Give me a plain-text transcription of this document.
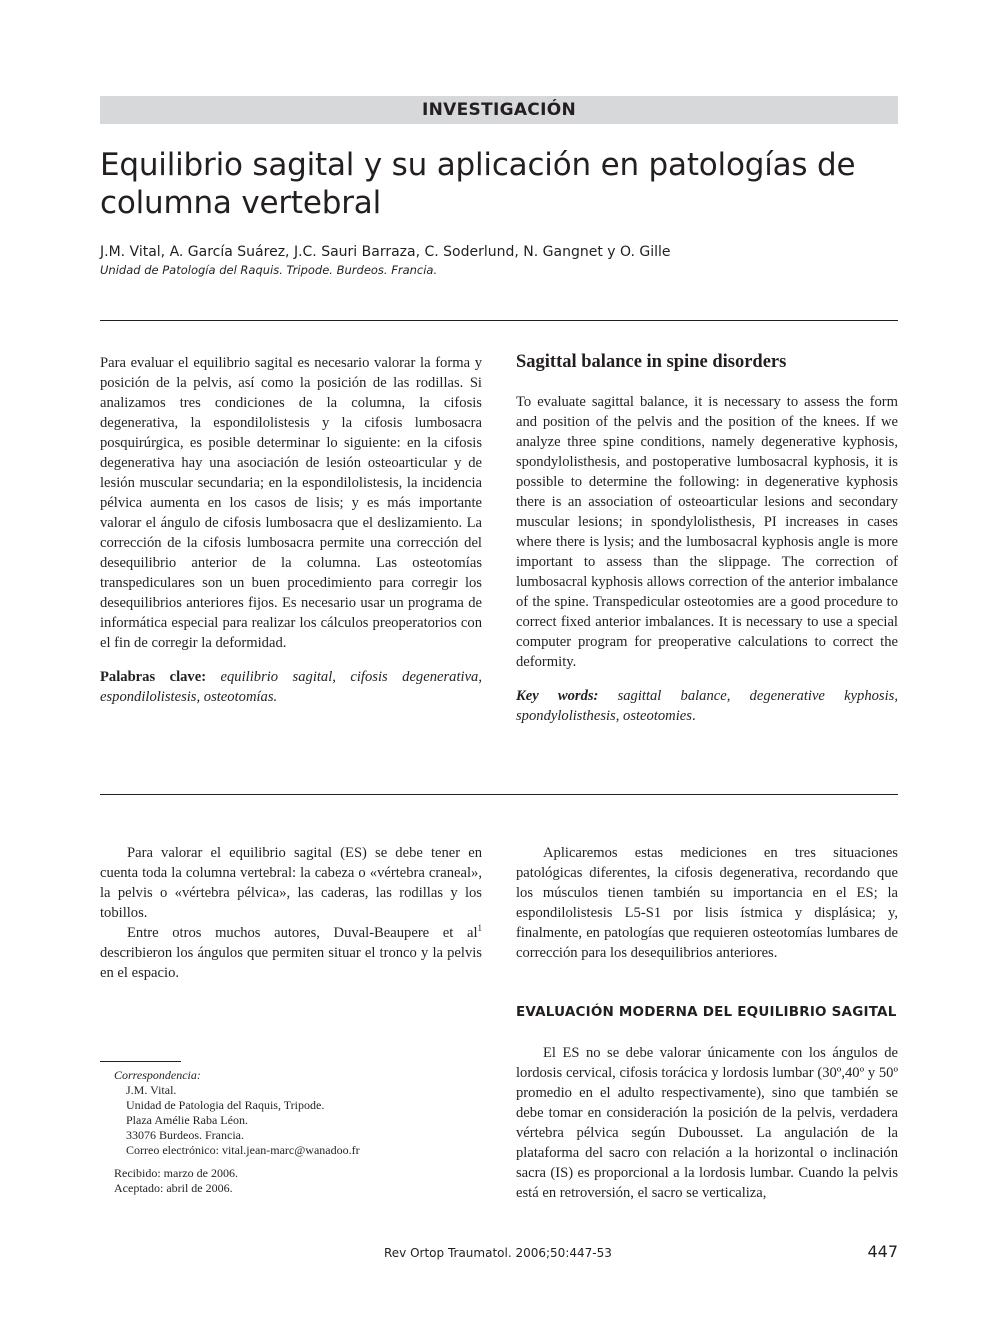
INVESTIGACIÓN
Equilibrio sagital y su aplicación en patologías de columna vertebral
J.M. Vital, A. García Suárez, J.C. Sauri Barraza, C. Soderlund, N. Gangnet y O. Gille
Unidad de Patología del Raquis. Tripode. Burdeos. Francia.

Para evaluar el equilibrio sagital es necesario valorar la forma y posición de la pelvis, así como la posición de las rodillas. Si analizamos tres condiciones de la columna, la cifosis degenerativa, la espondilolistesis y la cifosis lumbosacra posquirúrgica, es posible determinar lo siguiente: en la cifosis degenerativa hay una asociación de lesión osteoarticular y de lesión muscular secundaria; en la espondilolistesis, la incidencia pélvica aumenta en los casos de lisis; y es más importante valorar el ángulo de cifosis lumbosacra que el deslizamiento. La corrección de la cifosis lumbosacra permite una corrección del desequilibrio anterior de la columna. Las osteotomías transpediculares son un buen procedimiento para corregir los desequilibrios anteriores fijos. Es necesario usar un programa de informática especial para realizar los cálculos preoperatorios con el fin de corregir la deformidad.

Palabras clave: equilibrio sagital, cifosis degenerativa, espondilolistesis, osteotomías.

Sagittal balance in spine disorders

To evaluate sagittal balance, it is necessary to assess the form and position of the pelvis and the position of the knees. If we analyze three spine conditions, namely degenerative kyphosis, spondylolisthesis, and postoperative lumbosacral kyphosis, it is possible to determine the following: in degenerative kyphosis there is an association of osteoarticular lesions and secondary muscular lesions; in spondylolisthesis, PI increases in cases where there is lysis; and the lumbosacral kyphosis angle is more important to assess than the slippage. The correction of lumbosacral kyphosis allows correction of the anterior imbalance of the spine. Transpedicular osteotomies are a good procedure to correct fixed anterior imbalances. It is necessary to use a special computer program for preoperative calculations to correct the deformity.

Key words: sagittal balance, degenerative kyphosis, spondylolisthesis, osteotomies.

Para valorar el equilibrio sagital (ES) se debe tener en cuenta toda la columna vertebral: la cabeza o «vértebra craneal», la pelvis o «vértebra pélvica», las caderas, las rodillas y los tobillos.

Entre otros muchos autores, Duval-Beaupere et $al^1$ describieron los ángulos que permiten situar el tronco y la pelvis en el espacio.

Aplicaremos estas mediciones en tres situaciones patológicas diferentes, la cifosis degenerativa, recordando que los músculos tienen también su importancia en el ES; la espondilolistesis L5-S1 por lisis ístmica y displásica; y, finalmente, en patologías que requieren osteotomías lumbares de corrección para los desequilibrios anteriores.

EVALUACIÓN MODERNA DEL EQUILIBRIO SAGITAL

El ES no se debe valorar únicamente con los ángulos de lordosis cervical, cifosis torácica y lordosis lumbar (30º,40º y 50º promedio en el adulto respectivamente), sino que también se debe tomar en consideración la posición de la pelvis, verdadera vértebra pélvica según Dubousset. La angulación de la plataforma del sacro con relación a la horizontal o inclinación sacra (IS) es proporcional a la lordosis lumbar. Cuando la pelvis está en retroversión, el sacro se verticaliza,

Correspondencia:
J.M. Vital.
Unidad de Patologia del Raquis, Tripode.
Plaza Amélie Raba Léon.
33076 Burdeos. Francia.
Correo electrónico: vital.jean-marc@wanadoo.fr
Recibido: marzo de 2006.
Aceptado: abril de 2006.
Rev Ortop Traumatol. 2006;50:447-53	447
